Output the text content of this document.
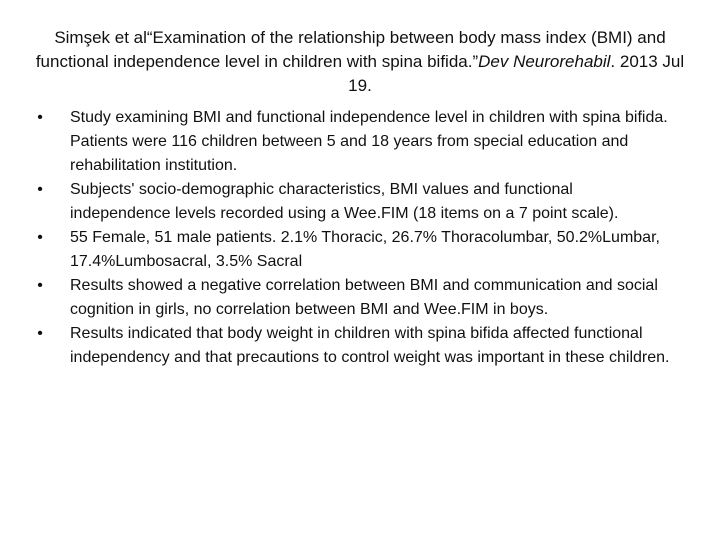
Simşek et al“Examination of the relationship between body mass index (BMI) and functional independence level in children with spina bifida.”Dev Neurorehabil. 2013 Jul 19.
• Study examining BMI and functional independence level in children with spina bifida. Patients were 116 children between 5 and 18 years from special education and rehabilitation institution.
• Subjects' socio-demographic characteristics, BMI values and functional independence levels recorded using a Wee.FIM (18 items on a 7 point scale).
• 55 Female, 51 male patients. 2.1% Thoracic, 26.7% Thoracolumbar, 50.2%Lumbar, 17.4%Lumbosacral, 3.5% Sacral
• Results showed a negative correlation between BMI and communication and social cognition in girls, no correlation between BMI and Wee.FIM in boys.
• Results indicated that body weight in children with spina bifida affected functional independency and that precautions to control weight was important in these children.
